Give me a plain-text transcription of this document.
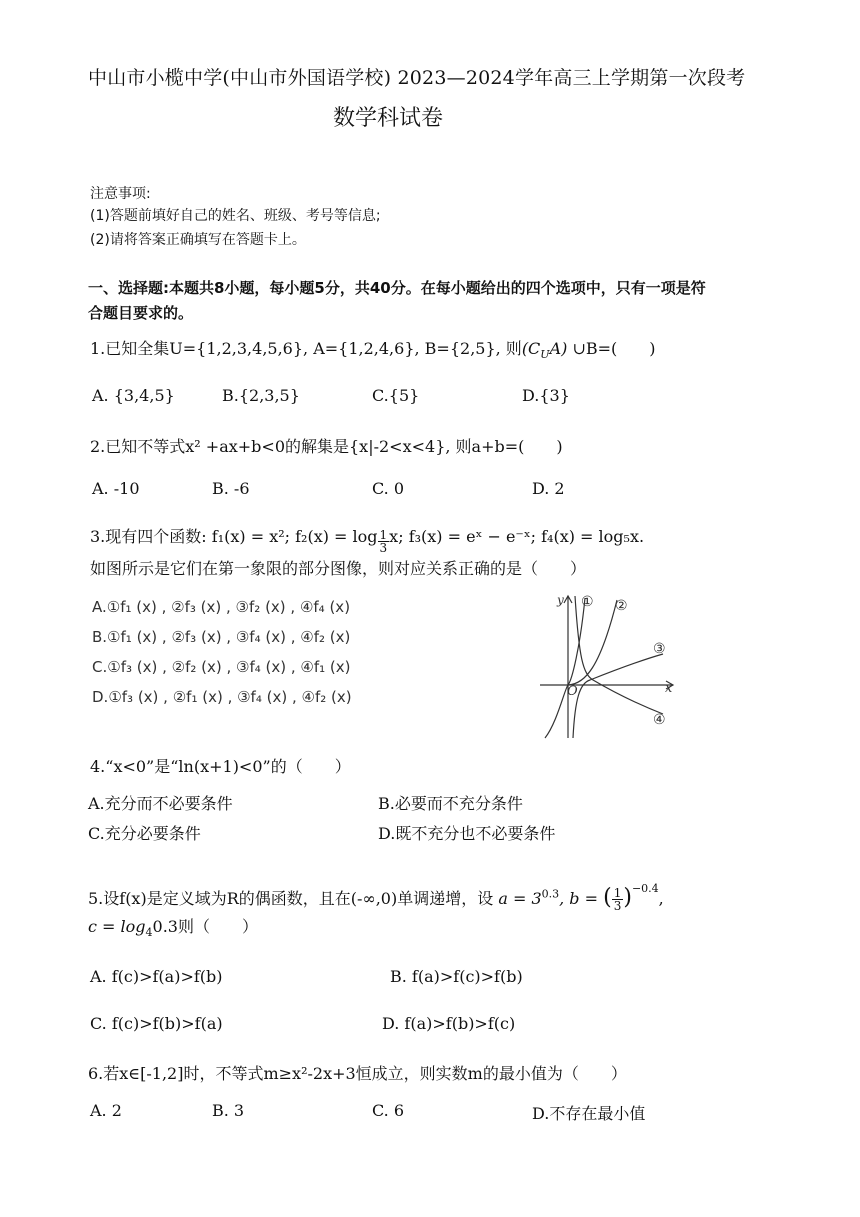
中山市小榄中学(中山市外国语学校) 2023—2024学年高三上学期第一次段考
数学科试卷
注意事项:
(1)答题前填好自己的姓名、班级、考号等信息;
(2)请将答案正确填写在答题卡上。
一、选择题:本题共8小题，每小题5分，共40分。在每小题给出的四个选项中，只有一项是符
合题目要求的。
1.已知全集U={1,2,3,4,5,6}, A={1,2,4,6}, B={2,5}, 则$(C_UA)$ ∪B=(　　)
A. {3,4,5}	B.{2,3,5}	C.{5}	D.{3}
2.已知不等式x² +ax+b<0的解集是{x|-2<x<4}, 则a+b=(　　)
A. -10	B. -6	C. 0	D. 2
3.现有四个函数: f₁(x) = x²; $f_2(x) = \log \frac{1}{3} x$; f₃(x) = eˣ − e⁻ˣ; f₄(x) = log₅x.
如图所示是它们在第一象限的部分图像，则对应关系正确的是（　　）
A.①f₁ (x) , ②f₃ (x) , ③f₂ (x) , ④f₄ (x)
B.①f₁ (x) , ②f₃ (x) , ③f₄ (x) , ④f₂ (x)
C.①f₃ (x) , ②f₂ (x) , ③f₄ (x) , ④f₁ (x)
D.①f₃ (x) , ②f₁ (x) , ③f₄ (x) , ④f₂ (x)
y
x
O
① ②
③
④
4.“x<0”是“ln(x+1)<0”的（　　）
A.充分而不必要条件	B.必要而不充分条件
C.充分必要条件	D.既不充分也不必要条件
5.设f(x)是定义域为R的偶函数，且在(-∞,0)单调递增，设 $a = 3^{0.3}$, b = ( $\frac{1}{3} )^{-0.4}$,
$c = \log_40.3$则（　　）
A. f(c)>f(a)>f(b)	B. f(a)>f(c)>f(b)
C. f(c)>f(b)>f(a)	D. f(a)>f(b)>f(c)
6.若x∈[-1,2]时，不等式m≥x²-2x+3恒成立，则实数m的最小值为（　　）
A. 2	B. 3	C. 6	D.不存在最小值
